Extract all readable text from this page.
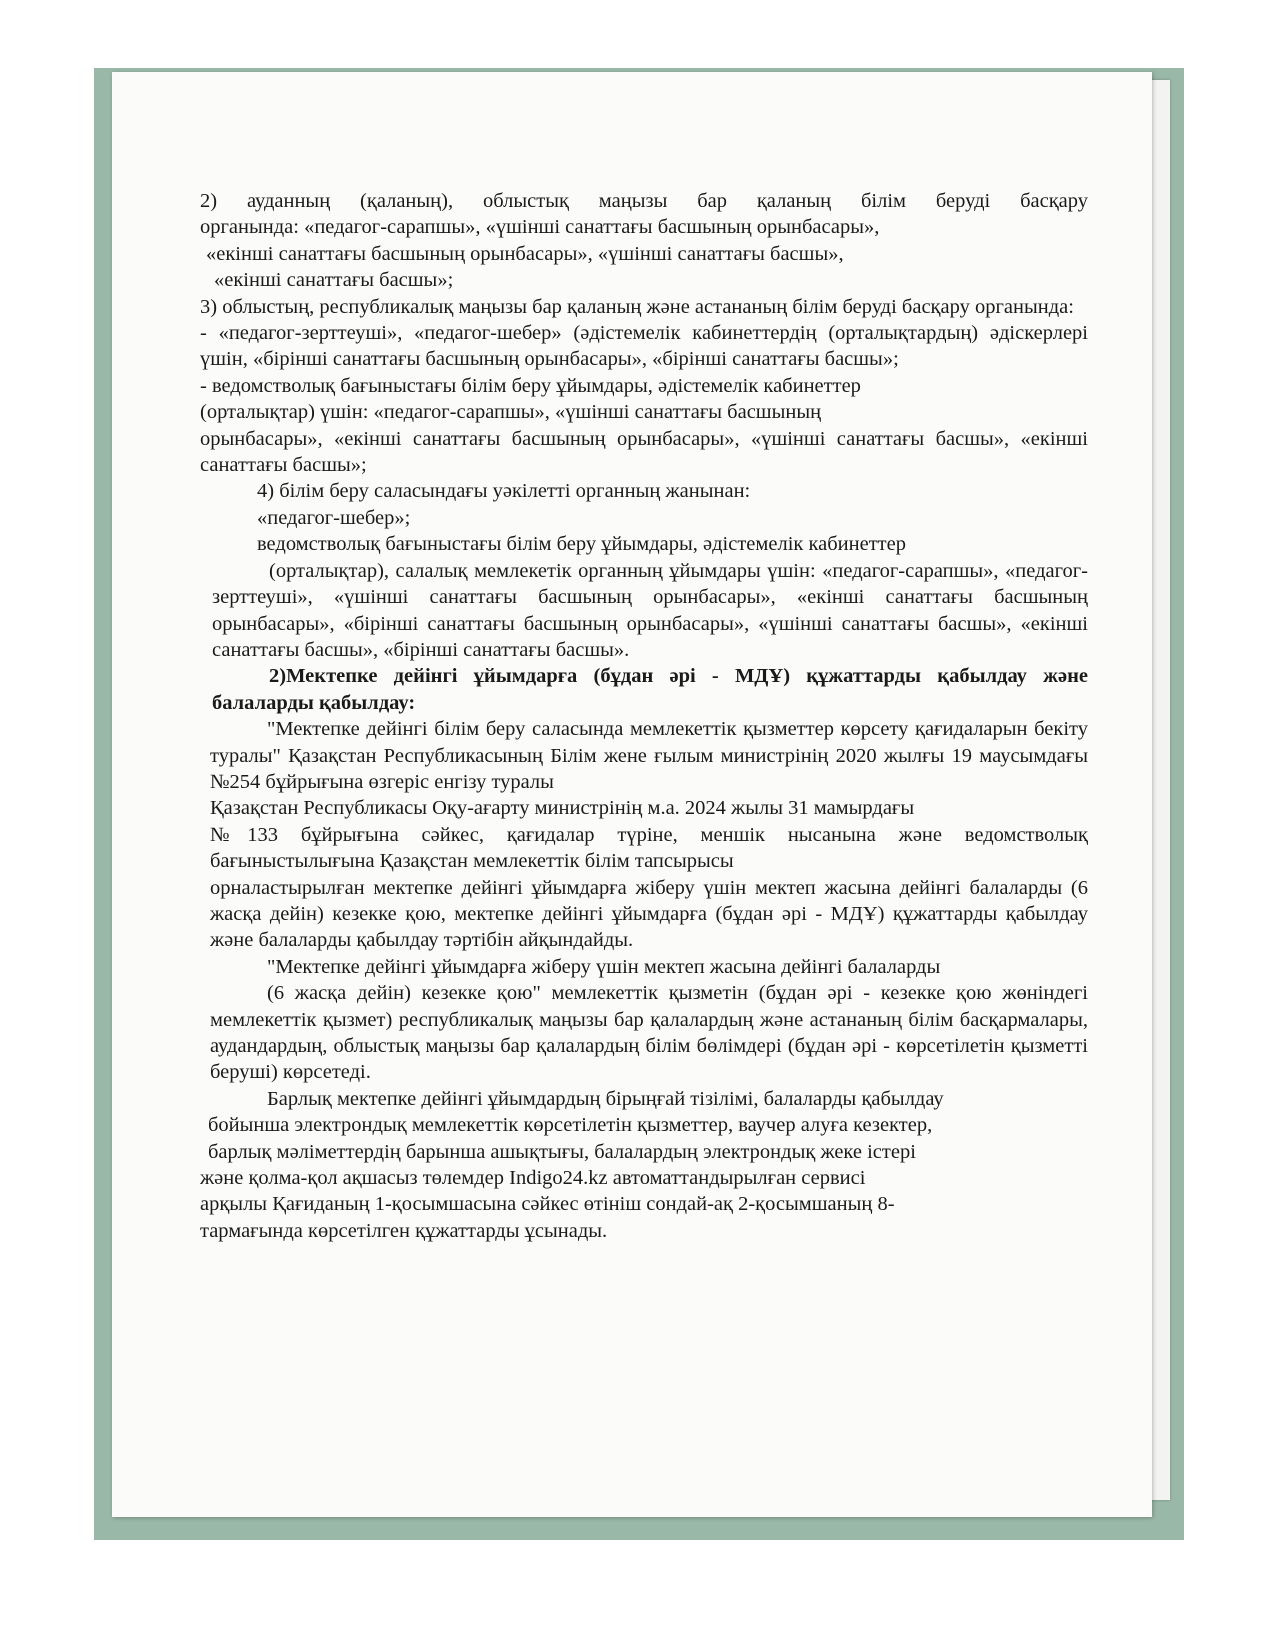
2) ауданның (қаланың), облыстық маңызы бар қаланың білім беруді басқару

органында: «педагог-сарапшы», «үшінші санаттағы басшының орынбасары»,

«екінші санаттағы басшының орынбасары», «үшінші санаттағы басшы»,

«екінші санаттағы басшы»;

3) облыстың, республикалық маңызы бар қаланың және астананың білім беруді басқару органында:

- «педагог-зерттеуші», «педагог-шебер» (әдістемелік кабинеттердің (орталықтардың) әдіскерлері үшін, «бірінші санаттағы басшының орынбасары», «бірінші санаттағы басшы»;

- ведомстволық бағыныстағы білім беру ұйымдары, әдістемелік кабинеттер

(орталықтар) үшін: «педагог-сарапшы», «үшінші санаттағы басшының

орынбасары», «екінші санаттағы басшының орынбасары», «үшінші санаттағы басшы», «екінші санаттағы басшы»;

4) білім беру саласындағы уәкілетті органның жанынан:

«педагог-шебер»;

ведомстволық бағыныстағы білім беру ұйымдары, әдістемелік кабинеттер

(орталықтар), салалық мемлекетік органның ұйымдары үшін: «педагог-сарапшы», «педагог-зерттеуші», «үшінші санаттағы басшының орынбасары», «екінші санаттағы басшының орынбасары», «бірінші санаттағы басшының орынбасары», «үшінші санаттағы басшы», «екінші санаттағы басшы», «бірінші санаттағы басшы».

2)Мектепке дейінгі ұйымдарға (бұдан әрі - МДҰ) құжаттарды қабылдау және балаларды қабылдау:

"Мектепке дейінгі білім беру саласында мемлекеттік қызметтер көрсету қағидаларын бекіту туралы" Қазақстан Республикасының Білім жене ғылым министрінің 2020 жылғы 19 маусымдағы №254 бұйрығына өзгеріс енгізу туралы

Қазақстан Республикасы Оқу-ағарту министрінің м.а. 2024 жылы 31 мамырдағы

№133 бұйрығына сәйкес, қағидалар түріне, меншік нысанына және ведомстволық бағыныстылығына Қазақстан мемлекеттік білім тапсырысы

орналастырылған мектепке дейінгі ұйымдарға жіберу үшін мектеп жасына дейінгі балаларды (6 жасқа дейін) кезекке қою, мектепке дейінгі ұйымдарға (бұдан әрі - МДҰ) құжаттарды қабылдау және балаларды қабылдау тәртібін айқындайды.

"Мектепке дейінгі ұйымдарға жіберу үшін мектеп жасына дейінгі балаларды

(6 жасқа дейін) кезекке қою" мемлекеттік қызметін (бұдан әрі - кезекке қою жөніндегі мемлекеттік қызмет) республикалық маңызы бар қалалардың және астананың білім басқармалары, аудандардың, облыстық маңызы бар қалалардың білім бөлімдері (бұдан әрі - көрсетілетін қызметті беруші) көрсетеді.

Барлық мектепке дейінгі ұйымдардың бірыңғай тізілімі, балаларды қабылдау

бойынша электрондық мемлекеттік көрсетілетін қызметтер, ваучер алуға кезектер,

барлық мәліметтердің барынша ашықтығы, балалардың электрондық жеке істері

және қолма-қол ақшасыз төлемдер Indigo24.kz автоматтандырылған сервисі

арқылы Қағиданың 1-қосымшасына сәйкес өтініш сондай-ақ 2-қосымшаның 8-

тармағында көрсетілген құжаттарды ұсынады.
